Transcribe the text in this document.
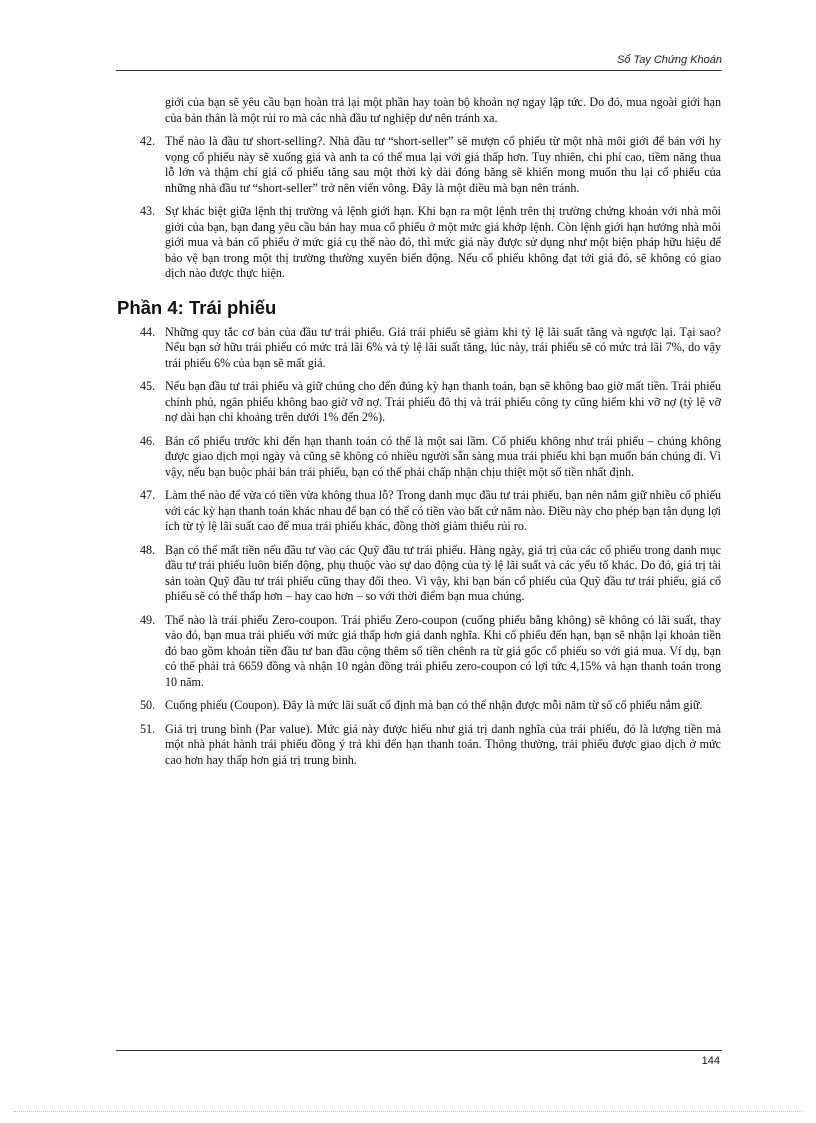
Sổ Tay Chứng Khoán

giới của bạn sẽ yêu cầu bạn hoàn trả lại một phần hay toàn bộ khoản nợ ngay lập tức. Do đó, mua ngoài giới hạn của bản thân là một rủi ro mà các nhà đầu tư nghiệp dư nên tránh xa.

42. Thế nào là đầu tư short-selling?. Nhà đầu tư “short-seller” sẽ mượn cổ phiếu từ một nhà môi giới để bán với hy vọng cổ phiếu này sẽ xuống giá và anh ta có thể mua lại với giá thấp hơn. Tuy nhiên, chi phí cao, tiềm năng thua lỗ lớn và thậm chí giá cổ phiếu tăng sau một thời kỳ dài đóng băng sẽ khiến mong muốn thu lại cổ phiếu của những nhà đầu tư “short-seller” trở nên viển vông. Đây là một điều mà bạn nên tránh.
43. Sự khác biệt giữa lệnh thị trường và lệnh giới hạn. Khi bạn ra một lệnh trên thị trường chứng khoán với nhà môi giới của bạn, bạn đang yêu cầu bán hay mua cổ phiếu ở một mức giá khớp lệnh. Còn lệnh giới hạn hướng nhà môi giới mua và bán cổ phiếu ở mức giá cụ thể nào đó, thì mức giá này được sử dụng như một biện pháp hữu hiệu để bảo vệ bạn trong một thị trường thường xuyên biến động. Nếu cổ phiếu không đạt tới giá đó, sẽ không có giao dịch nào được thực hiện.
Phần 4: Trái phiếu
44. Những quy tắc cơ bản của đầu tư trái phiếu. Giá trái phiếu sẽ giảm khi tỷ lệ lãi suất tăng và ngược lại. Tại sao? Nếu bạn sở hữu trái phiếu có mức trả lãi 6% và tỷ lệ lãi suất tăng, lúc này, trái phiếu sẽ có mức trả lãi 7%, do vậy trái phiếu 6% của bạn sẽ mất giá.
45. Nếu bạn đầu tư trái phiếu và giữ chúng cho đến đúng kỳ hạn thanh toán, bạn sẽ không bao giờ mất tiền. Trái phiếu chính phủ, ngân phiếu không bao giờ vỡ nợ. Trái phiếu đô thị và trái phiếu công ty cũng hiếm khi vỡ nợ (tỷ lệ vỡ nợ dài hạn chỉ khoảng trên dưới 1% đến 2%).
46. Bán cổ phiếu trước khi đến hạn thanh toán có thể là một sai lầm. Cổ phiếu không như trái phiếu – chúng không được giao dịch mọi ngày và cũng sẽ không có nhiều người sẵn sàng mua trái phiếu khi bạn muốn bán chúng đi. Vì vậy, nếu bạn buộc phải bán trái phiếu, bạn có thể phải chấp nhận chịu thiệt một số tiền nhất định.
47. Làm thế nào để vừa có tiền vừa không thua lỗ? Trong danh mục đầu tư trái phiếu, bạn nên nắm giữ nhiều cổ phiếu với các kỳ hạn thanh toán khác nhau để bạn có thể có tiền vào bất cứ năm nào. Điều này cho phép bạn tận dụng lợi ích từ tỷ lệ lãi suất cao để mua trái phiếu khác, đồng thời giảm thiểu rủi ro.
48. Bạn có thể mất tiền nếu đầu tư vào các Quỹ đầu tư trái phiếu. Hàng ngày, giá trị của các cổ phiếu trong danh mục đầu tư trái phiếu luôn biến động, phụ thuộc vào sự dao động của tỷ lệ lãi suất và các yếu tố khác. Do đó, giá trị tài sản toàn Quỹ đầu tư trái phiếu cũng thay đổi theo. Vì vậy, khi bạn bán cổ phiếu của Quỹ đầu tư trái phiếu, giá cổ phiếu sẽ có thể thấp hơn – hay cao hơn – so với thời điểm bạn mua chúng.
49. Thế nào là trái phiếu Zero-coupon. Trái phiếu Zero-coupon (cuống phiếu bằng không) sẽ không có lãi suất, thay vào đó, bạn mua trái phiếu với mức giá thấp hơn giá danh nghĩa. Khi cổ phiếu đến hạn, bạn sẽ nhận lại khoản tiền đó bao gồm khoản tiền đầu tư ban đầu cộng thêm số tiền chênh ra từ giá gốc cổ phiếu so với giá mua. Ví dụ, bạn có thể phải trả 6659 đồng và nhận 10 ngàn đồng trái phiếu zero-coupon có lợi tức 4,15% và hạn thanh toán trong 10 năm.
50. Cuống phiếu (Coupon). Đây là mức lãi suất cố định mà bạn có thể nhận được mỗi năm từ số cổ phiếu nắm giữ.
51. Giá trị trung bình (Par value). Mức giá này được hiểu như giá trị danh nghĩa của trái phiếu, đó là lượng tiền mà một nhà phát hành trái phiếu đồng ý trả khi đến hạn thanh toán. Thông thường, trái phiếu được giao dịch ở mức cao hơn hay thấp hơn giá trị trung bình.
144
